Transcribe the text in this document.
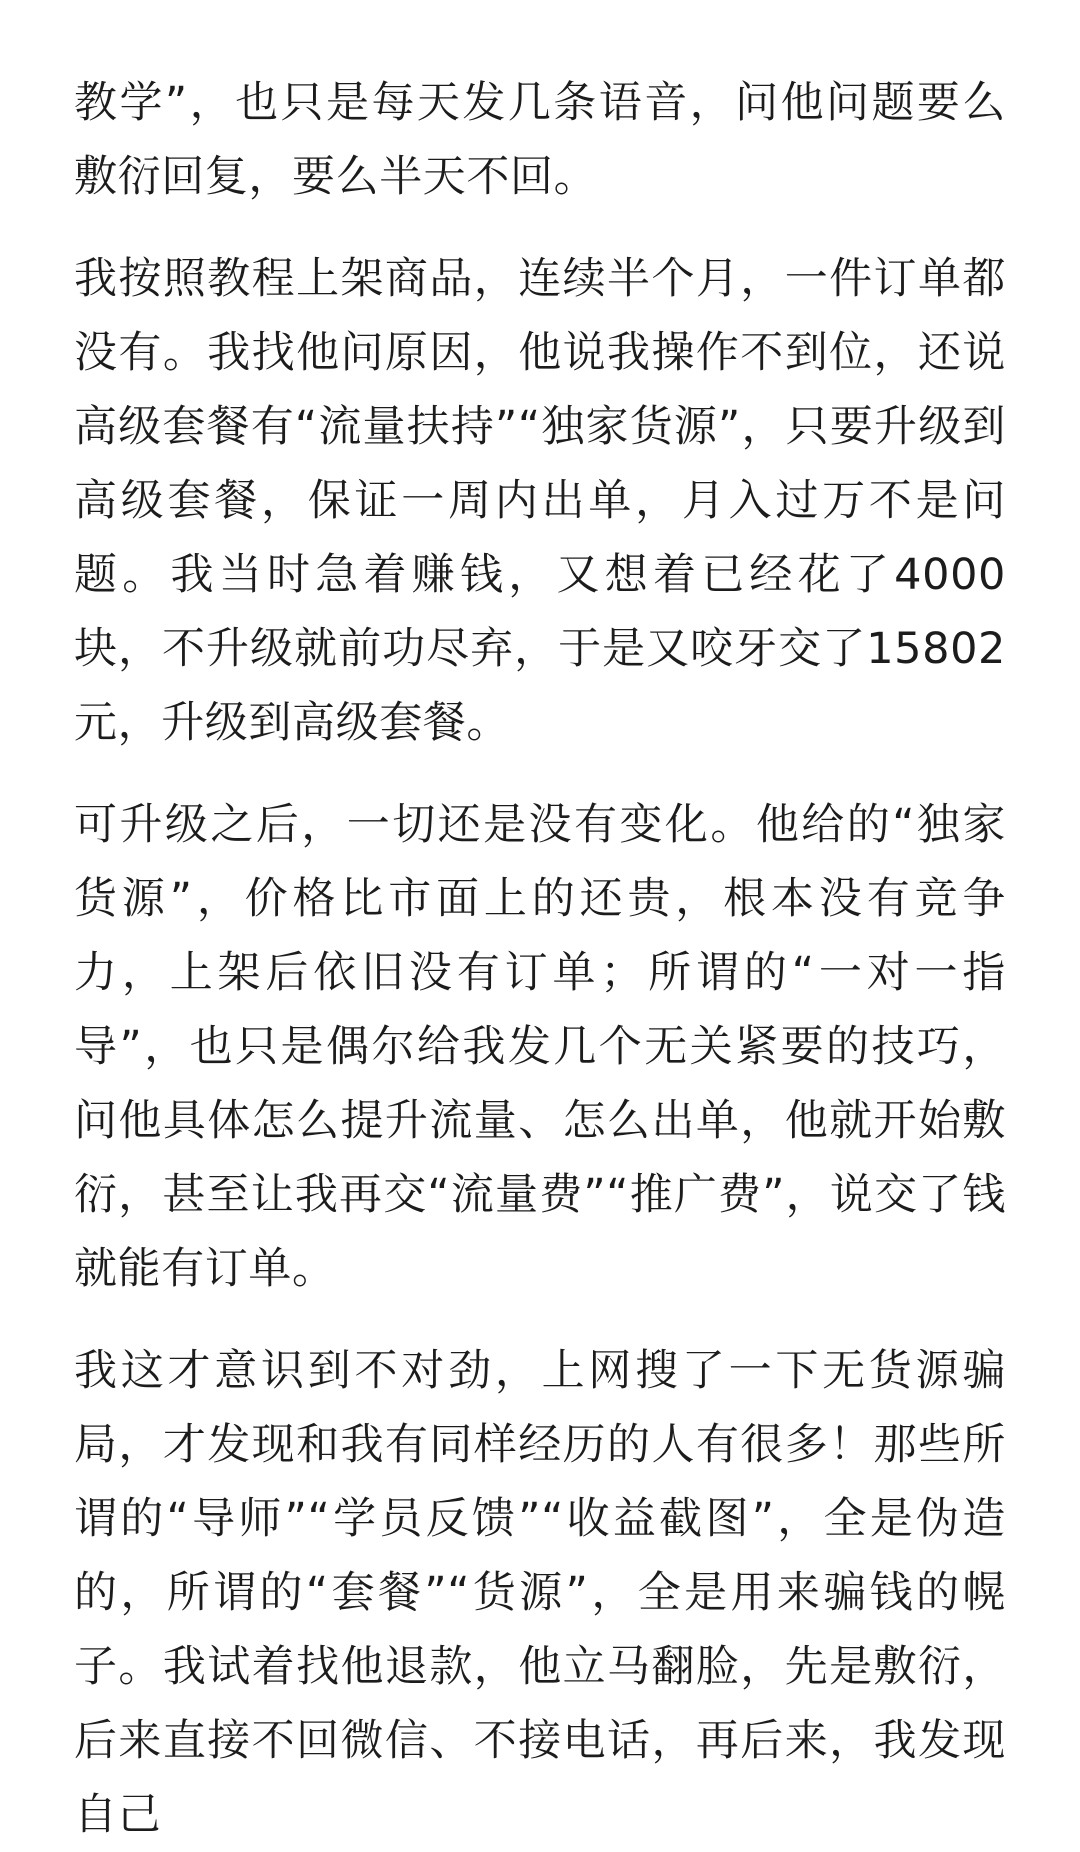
教学”，也只是每天发几条语音，问他问题要么敷衍回复，要么半天不回。

我按照教程上架商品，连续半个月，一件订单都没有。我找他问原因，他说我操作不到位，还说高级套餐有“流量扶持”“独家货源”，只要升级到高级套餐，保证一周内出单，月入过万不是问题。我当时急着赚钱，又想着已经花了4000块，不升级就前功尽弃，于是又咬牙交了15802元，升级到高级套餐。

可升级之后，一切还是没有变化。他给的“独家货源”，价格比市面上的还贵，根本没有竞争力，上架后依旧没有订单；所谓的“一对一指导”，也只是偶尔给我发几个无关紧要的技巧，问他具体怎么提升流量、怎么出单，他就开始敷衍，甚至让我再交“流量费”“推广费”，说交了钱就能有订单。

我这才意识到不对劲，上网搜了一下无货源骗局，才发现和我有同样经历的人有很多！那些所谓的“导师”“学员反馈”“收益截图”，全是伪造的，所谓的“套餐”“货源”，全是用来骗钱的幌子。我试着找他退款，他立马翻脸，先是敷衍，后来直接不回微信、不接电话，再后来，我发现自己
